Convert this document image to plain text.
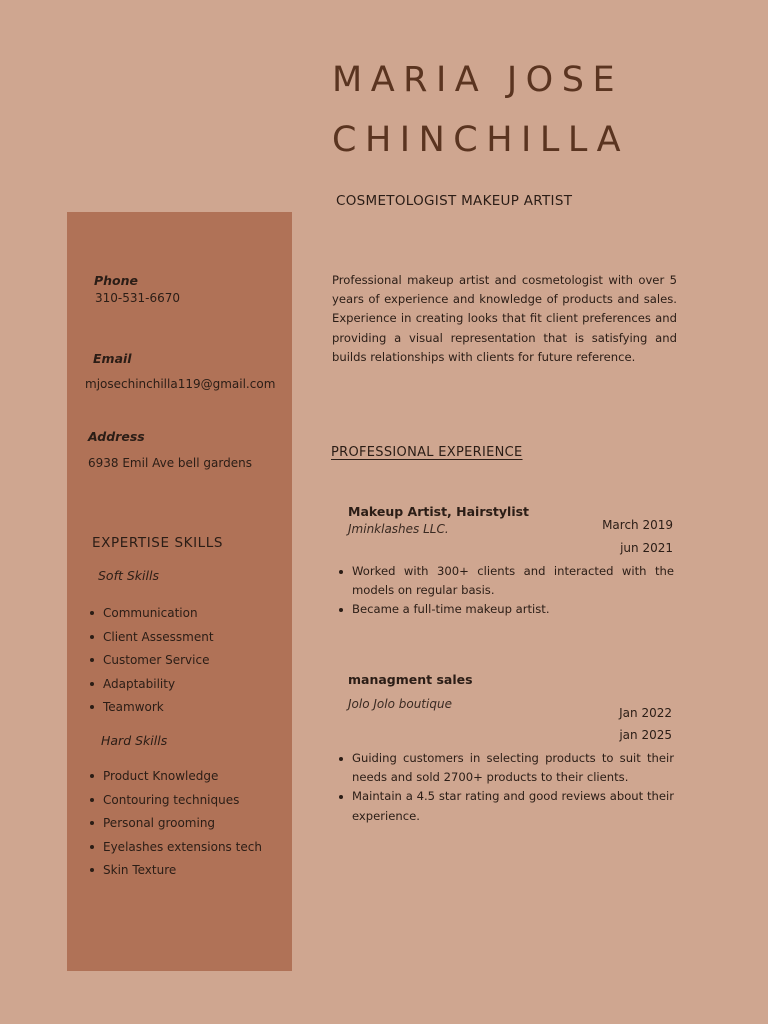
MARIA JOSE
CHINCHILLA
COSMETOLOGIST MAKEUP ARTIST
Phone
310-531-6670
Email
mjosechinchilla119@gmail.com
Address
6938 Emil Ave bell gardens
EXPERTISE SKILLS
Soft Skills
Communication
Client Assessment
Customer Service
Adaptability
Teamwork
Hard Skills
Product Knowledge
Contouring techniques
Personal grooming
Eyelashes extensions tech
Skin Texture

Professional makeup artist and cosmetologist with over 5 years of experience and knowledge of products and sales. Experience in creating looks that fit client preferences and providing a visual representation that is satisfying and builds relationships with clients for future reference.

PROFESSIONAL EXPERIENCE
Makeup Artist, Hairstylist
Jminklashes LLC.	March 2019
jun 2021
Worked with 300+ clients and interacted with the models on regular basis.
Became a full-time makeup artist.
managment sales
Jolo Jolo boutique
Jan 2022
jan 2025
Guiding customers in selecting products to suit their needs and sold 2700+ products to their clients.
Maintain a 4.5 star rating and good reviews about their experience.
